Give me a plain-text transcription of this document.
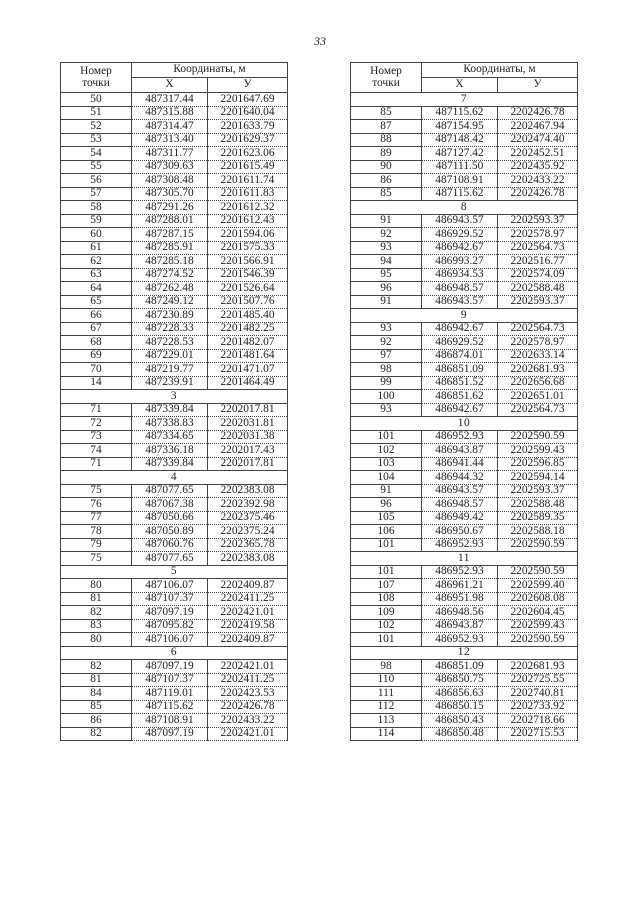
33
Номер
точки	Координаты, м	
	X	У
50	487317.44	2201647.69
51	487315.88	2201640.04
52	487314.47	2201633.79
53	487313.40	2201629.37
54	487311.77	2201623.06
55	487309.63	2201615.49
56	487308.48	2201611.74
57	487305.70	2201611.83
58	487291.26	2201612.32
59	487288.01	2201612.43
60	487287.15	2201594.06
61	487285.91	2201575.33
62	487285.18	2201566.91
63	487274.52	2201546.39
64	487262.48	2201526.64
65	487249.12	2201507.76
66	487230.89	2201485.40
67	487228.33	2201482.25
68	487228.53	2201482.07
69	487229.01	2201481.64
70	487219.77	2201471.07
14	487239.91	2201464.49
3		
71	487339.84	2202017.81
72	487338.83	2202031.81
73	487334.65	2202031.38
74	487336.18	2202017.43
71	487339.84	2202017.81
4		
75	487077.65	2202383.08
76	487067.38	2202392.98
77	487050.66	2202375.46
78	487050.89	2202375.24
79	487060.76	2202365.78
75	487077.65	2202383.08
5		
80	487106.07	2202409.87
81	487107.37	2202411.25
82	487097.19	2202421.01
83	487095.82	2202419.58
80	487106.07	2202409.87
6		
82	487097.19	2202421.01
81	487107.37	2202411.25
84	487119.01	2202423.53
85	487115.62	2202426.78
86	487108.91	2202433.22
82	487097.19	2202421.01
Номер
точки	Координаты, м	
	X	У
7		
85	487115.62	2202426.78
87	487154.95	2202467.94
88	487148.42	2202474.40
89	487127.42	2202452.51
90	487111.50	2202435.92
86	487108.91	2202433.22
85	487115.62	2202426.78
8		
91	486943.57	2202593.37
92	486929.52	2202578.97
93	486942.67	2202564.73
94	486993.27	2202516.77
95	486934.53	2202574.09
96	486948.57	2202588.48
91	486943.57	2202593.37
9		
93	486942.67	2202564.73
92	486929.52	2202578.97
97	486874.01	2202633.14
98	486851.09	2202681.93
99	486851.52	2202656.68
100	486851.62	2202651.01
93	486942.67	2202564.73
10		
101	486952.93	2202590.59
102	486943.87	2202599.43
103	486941.44	2202596.85
104	486944.32	2202594.14
91	486943.57	2202593.37
96	486948.57	2202588.48
105	486949.42	2202589.35
106	486950.67	2202588.18
101	486952.93	2202590.59
11		
101	486952.93	2202590.59
107	486961.21	2202599.40
108	486951.98	2202608.08
109	486948.56	2202604.45
102	486943.87	2202599.43
101	486952.93	2202590.59
12		
98	486851.09	2202681.93
110	486850.75	2202725.55
111	486856.63	2202740.81
112	486850.15	2202733.92
113	486850.43	2202718.66
114	486850.48	2202715.53
